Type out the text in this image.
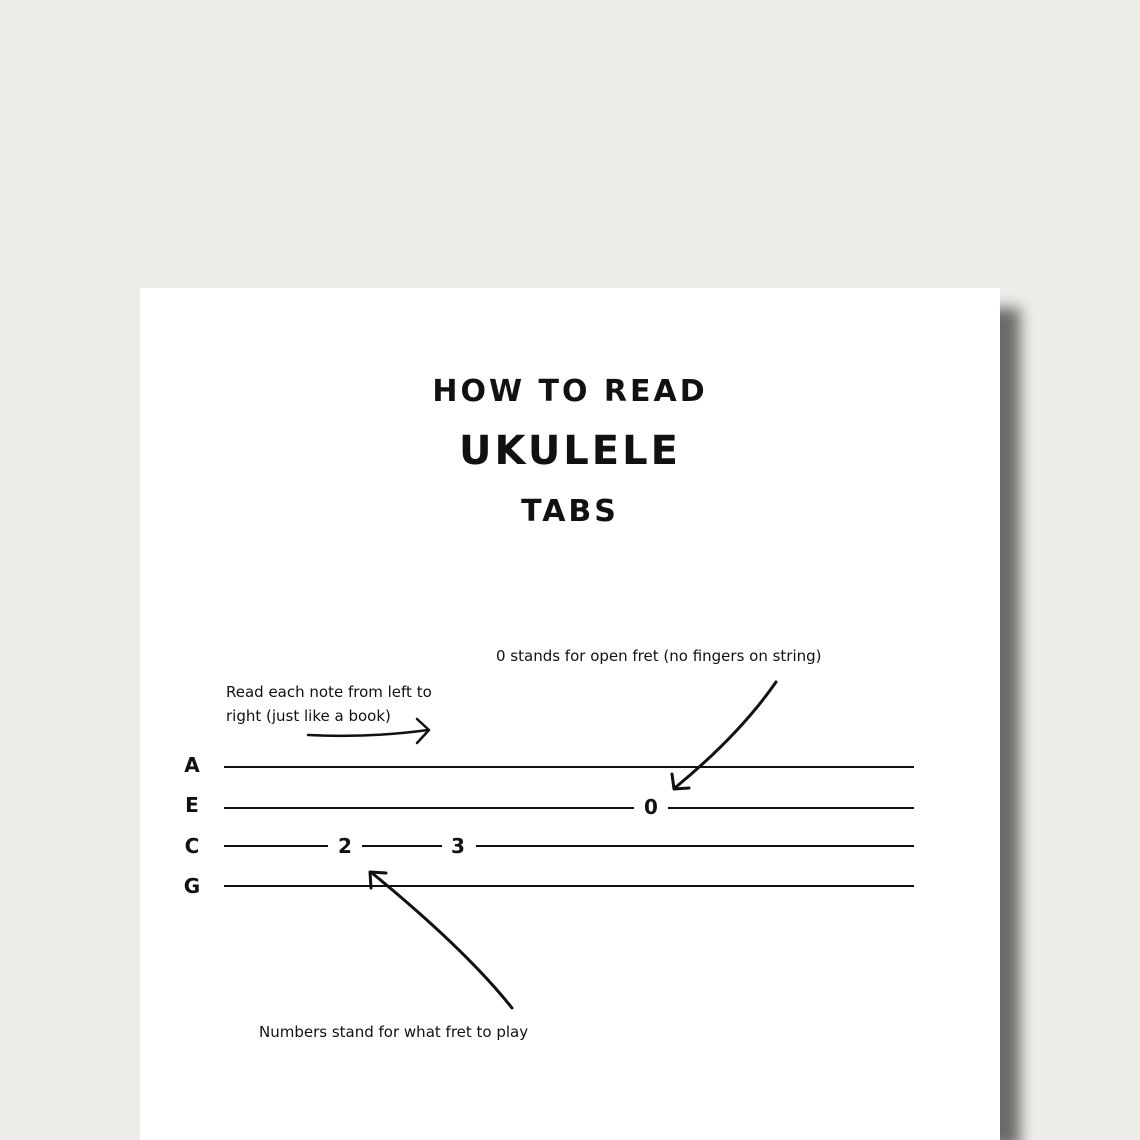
HOW TO READ

UKULELE

TABS

0 stands for open fret (no fingers on string)

Read each note from left to right (just like a book)

Numbers stand for what fret to play

A

E

C

G

0

2	3
